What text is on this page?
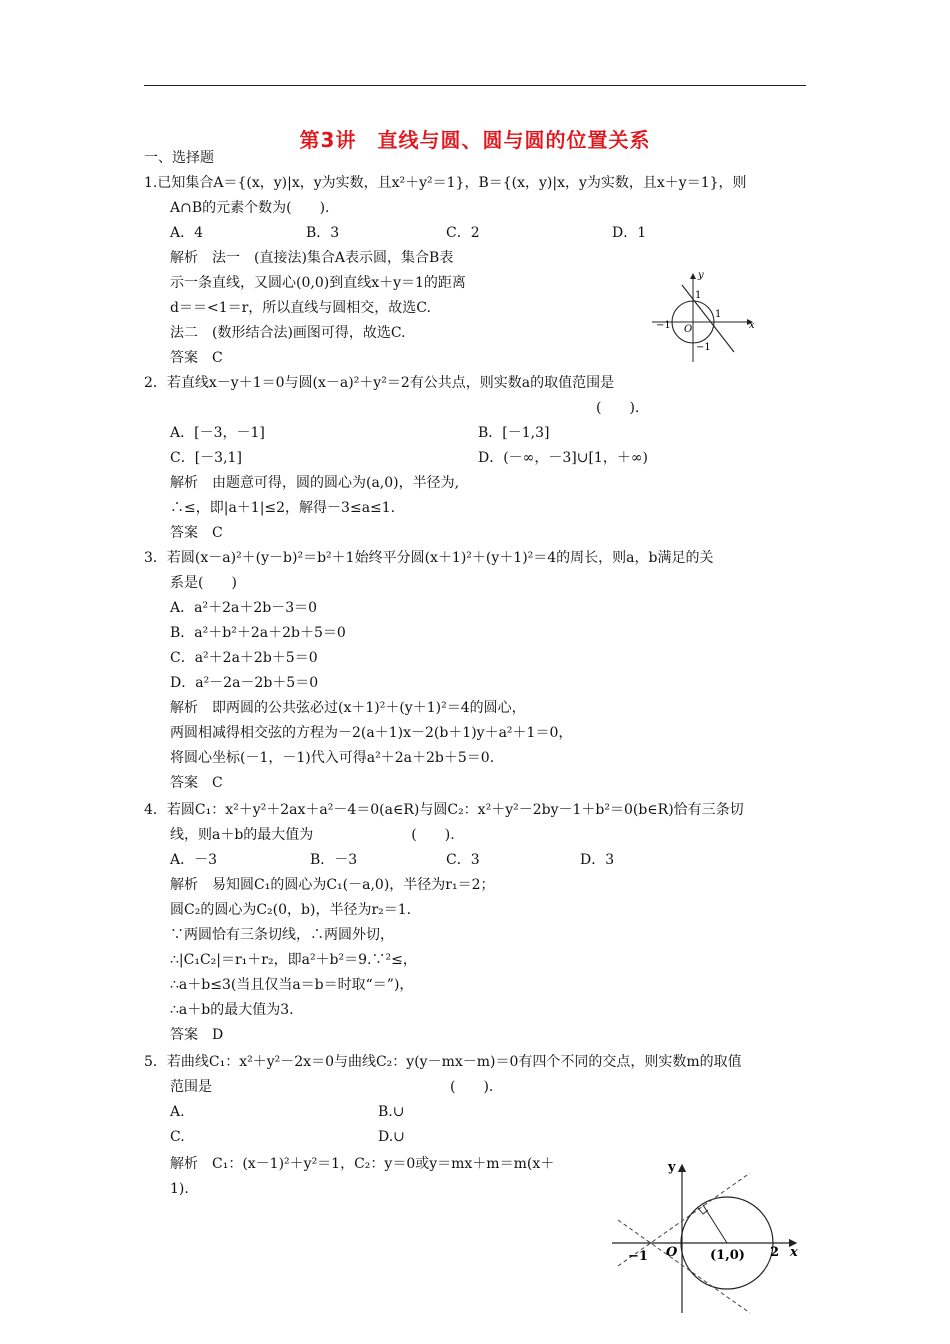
第3讲　直线与圆、圆与圆的位置关系
一、选择题
1.已知集合A＝{(x，y)|x，y为实数，且x²＋y²＝1}，B＝{(x，y)|x，y为实数，且x＋y＝1}，则
A∩B的元素个数为(　　).
A．4	B．3	C．2	D．1
解析　法一　(直接法)集合A表示圆，集合B表
示一条直线，又圆心(0,0)到直线x＋y＝1的距离
d＝＝<1＝r，所以直线与圆相交，故选C.
法二　(数形结合法)画图可得，故选C.
答案　C
y
x
O
1
1
−1
−1
2．若直线x－y＋1＝0与圆(x－a)²＋y²＝2有公共点，则实数a的取值范围是
(　　).
A．[－3，－1]	B．[－1,3]
C．[－3,1]	D．(－∞，－3]∪[1，＋∞)
解析　由题意可得，圆的圆心为(a,0)，半径为,
∴≤，即|a＋1|≤2，解得－3≤a≤1.
答案　C
3．若圆(x－a)²＋(y－b)²＝b²＋1始终平分圆(x＋1)²＋(y＋1)²＝4的周长，则a，b满足的关
系是(　　)
A．a²＋2a＋2b－3＝0
B．a²＋b²＋2a＋2b＋5＝0
C．a²＋2a＋2b＋5＝0
D．a²－2a－2b＋5＝0
解析　即两圆的公共弦必过(x＋1)²＋(y＋1)²＝4的圆心，
两圆相减得相交弦的方程为－2(a＋1)x－2(b＋1)y＋a²＋1＝0，
将圆心坐标(－1，－1)代入可得a²＋2a＋2b＋5＝0.
答案　C
4．若圆C₁：x²＋y²＋2ax＋a²－4＝0(a∈R)与圆C₂：x²＋y²－2by－1＋b²＝0(b∈R)恰有三条切
线，则a＋b的最大值为　　　　　　　(　　).
A．－3	B．－3	C．3	D．3
解析　易知圆C₁的圆心为C₁(－a,0)，半径为r₁＝2；
圆C₂的圆心为C₂(0，b)，半径为r₂＝1.
∵两圆恰有三条切线，∴两圆外切，
∴|C₁C₂|＝r₁＋r₂，即a²＋b²＝9.∵²≤，
∴a＋b≤3(当且仅当a＝b＝时取“＝”)，
∴a＋b的最大值为3.
答案　D
5．若曲线C₁：x²＋y²－2x＝0与曲线C₂：y(y－mx－m)＝0有四个不同的交点，则实数m的取值
范围是　　　　　　　　　　　　　　　　　(　　).
A.	B.∪
C.	D.∪
解析　C₁：(x－1)²＋y²＝1，C₂：y＝0或y＝mx＋m＝m(x＋
1).
y
x
O
−1	(1,0) 2
